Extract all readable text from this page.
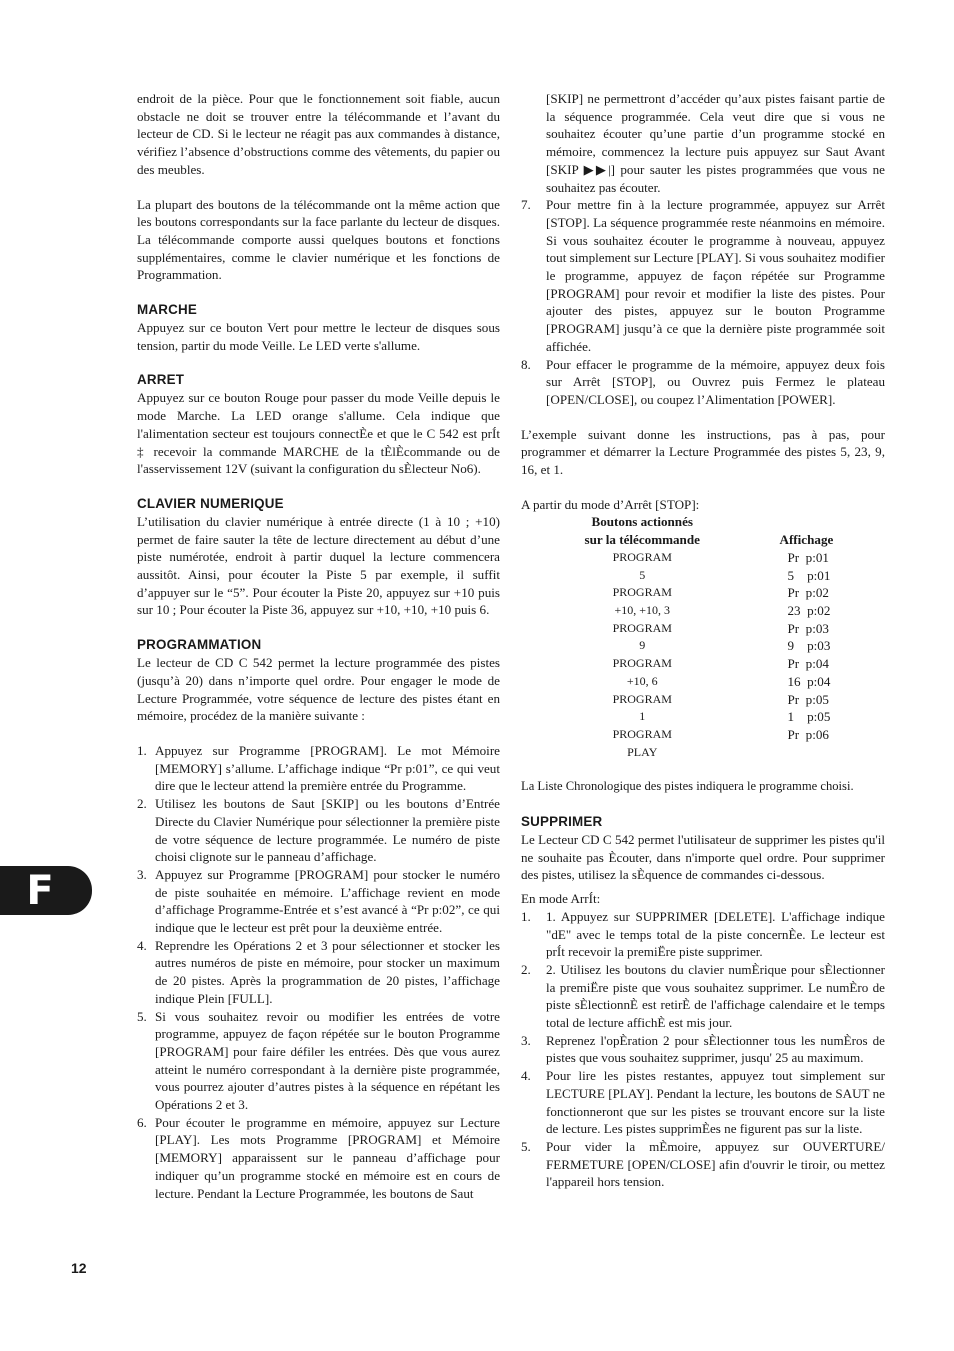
endroit de la pièce. Pour que le fonctionnement soit fiable, aucun obstacle ne doit se trouver entre la télécommande et l’avant du lecteur de CD. Si le lecteur ne réagit pas aux commandes à distance, vérifiez l’absence d’obstructions comme des vêtements, du papier ou des meubles.

La plupart des boutons de la télécommande ont la même action que les boutons correspondants sur la face parlante du lecteur de disques. La télécommande comporte aussi quelques boutons et fonctions supplémentaires, comme le clavier numérique et les fonctions de Programmation.

MARCHE

Appuyez sur ce bouton Vert pour mettre le lecteur de disques sous tension, partir du mode Veille. Le LED verte s'allume.

ARRET

Appuyez sur ce bouton Rouge pour passer du mode Veille depuis le mode Marche. La LED orange s'allume. Cela indique que l'alimentation secteur est toujours connectÈe et que le C 542 est prÍt ‡ recevoir la commande MARCHE de la tÈlÈcommande ou de l'asservissement 12V (suivant la configuration du sÈlecteur No6).

CLAVIER NUMERIQUE

L’utilisation du clavier numérique à entrée directe (1 à 10 ; +10) permet de faire sauter la tête de lecture directement au début d’une piste numérotée, endroit à partir duquel la lecture commencera aussitôt. Ainsi, pour écouter la Piste 5 par exemple, il suffit d’appuyer sur le “5”. Pour écouter la Piste 20, appuyez sur +10 puis sur 10 ; Pour écouter la Piste 36, appuyez sur +10, +10, +10 puis 6.

PROGRAMMATION

Le lecteur de CD C 542 permet la lecture programmée des pistes (jusqu’à 20) dans n’importe quel ordre. Pour engager le mode de Lecture Programmée, votre séquence de lecture des pistes étant en mémoire, procédez de la manière suivante :

1. Appuyez sur Programme [PROGRAM]. Le mot Mémoire [MEMORY] s’allume. L’affichage indique “Pr p:01”, ce qui veut dire que le lecteur attend la première entrée du Programme.
2. Utilisez les boutons de Saut [SKIP] ou les boutons d’Entrée Directe du Clavier Numérique pour sélectionner la première piste de votre séquence de lecture programmée. Le numéro de piste choisi clignote sur le panneau d’affichage.
3. Appuyez sur Programme [PROGRAM] pour stocker le numéro de piste souhaitée en mémoire. L’affichage revient en mode d’affichage Programme-Entrée et s’est avancé à “Pr p:02”, ce qui indique que le lecteur est prêt pour la deuxième entrée.
4. Reprendre les Opérations 2 et 3 pour sélectionner et stocker les autres numéros de piste en mémoire, pour stocker un maximum de 20 pistes. Après la programmation de 20 pistes, l’affichage indique Plein [FULL].
5. Si vous souhaitez revoir ou modifier les entrées de votre programme, appuyez de façon répétée sur le bouton Programme [PROGRAM] pour faire défiler les entrées. Dès que vous aurez atteint le numéro correspondant à la dernière piste programmée, vous pourrez ajouter d’autres pistes à la séquence en répétant les Opérations 2 et 3.
6. Pour écouter le programme en mémoire, appuyez sur Lecture [PLAY]. Les mots Programme [PROGRAM] et Mémoire [MEMORY] apparaissent sur le panneau d’affichage pour indiquer qu’un programme stocké en mémoire est en cours de lecture. Pendant la Lecture Programmée, les boutons de Saut
[SKIP] ne permettront d’accéder qu’aux pistes faisant partie de la séquence programmée. Cela veut dire que si vous ne souhaitez écouter qu’une partie d’un programme stocké en mémoire, commencez la lecture puis appuyez sur Saut Avant [SKIP ▶▶|] pour sauter les pistes programmées que vous ne souhaitez pas écouter.
7.	Pour mettre fin à la lecture programmée, appuyez sur Arrêt [STOP]. La séquence programmée reste néanmoins en mémoire. Si vous souhaitez écouter le programme à nouveau, appuyez tout simplement sur Lecture [PLAY]. Si vous souhaitez modifier le programme, appuyez de façon répétée sur Programme [PROGRAM] pour revoir et modifier la liste des pistes. Pour ajouter des pistes, appuyez sur le bouton Programme [PROGRAM] jusqu’à ce que la dernière piste programmée soit affichée.
8.	Pour effacer le programme de la mémoire, appuyez deux fois sur Arrêt [STOP], ou Ouvrez puis Fermez le plateau [OPEN/CLOSE], ou coupez l’Alimentation [POWER].

L’exemple suivant donne les instructions, pas à pas, pour programmer et démarrer la Lecture Programmée des pistes 5, 23, 9, 16, et 1.

A partir du mode d’Arrêt [STOP]:

Boutons actionnés
sur la télécommande	Affichage
PROGRAM	Pr  p:01
5	5    p:01
PROGRAM	Pr  p:02
+10, +10, 3	23  p:02
PROGRAM	Pr  p:03
9	9    p:03
PROGRAM	Pr  p:04
+10, 6	16  p:04
PROGRAM	Pr  p:05
1	1    p:05
PROGRAM	Pr  p:06
PLAY	

La Liste Chronologique des pistes indiquera le programme choisi.

SUPPRIMER

Le Lecteur CD C 542 permet l'utilisateur de supprimer les pistes qu'il ne souhaite pas Ècouter, dans n'importe quel ordre. Pour supprimer des pistes, utilisez la sÈquence de commandes ci-dessous.

En mode ArrÍt:

1.	1. Appuyez sur SUPPRIMER [DELETE]. L'affichage indique "dE" avec le temps total de la piste concernÈe. Le lecteur est prÍt recevoir la premiËre piste supprimer.
2.	2. Utilisez les boutons du clavier numÈrique pour sÈlectionner la premiËre piste que vous souhaitez supprimer. Le numÈro de piste sÈlectionnÈ est retirÈ de l'affichage calendaire et le temps total de lecture affichÈ est mis jour.
3.	Reprenez l'opÈration 2 pour sÈlectionner tous les numÈros de pistes que vous souhaitez supprimer, jusqu' 25 au maximum.
4.	Pour lire les pistes restantes, appuyez tout simplement sur LECTURE [PLAY]. Pendant la lecture, les boutons de SAUT ne fonctionneront que sur les pistes se trouvant encore sur la liste de lecture. Les pistes supprimÈes ne figurent pas sur la liste.
5.	Pour vider la mÈmoire, appuyez sur OUVERTURE/ FERMETURE [OPEN/CLOSE] afin d'ouvrir le tiroir, ou mettez l'appareil hors tension.
F
12
